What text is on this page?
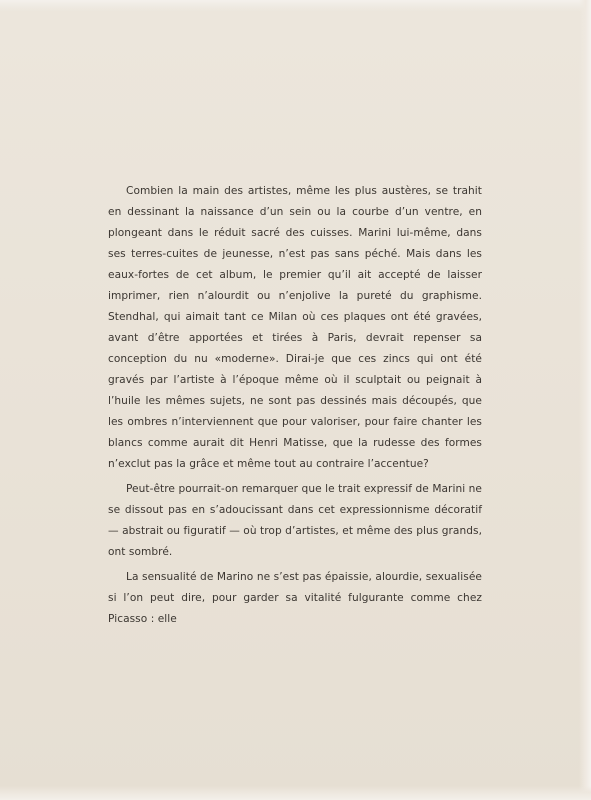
Combien la main des artistes, même les plus austères, se trahit en dessinant la naissance d’un sein ou la courbe d’un ventre, en plongeant dans le réduit sacré des cuisses. Marini lui-même, dans ses terres-cuites de jeunesse, n’est pas sans péché. Mais dans les eaux-fortes de cet album, le premier qu’il ait accepté de laisser imprimer, rien n’alourdit ou n’enjolive la pureté du graphisme. Stendhal, qui aimait tant ce Milan où ces plaques ont été gravées, avant d’être apportées et tirées à Paris, devrait repenser sa conception du nu «moderne». Dirai-je que ces zincs qui ont été gravés par l’artiste à l’époque même où il sculptait ou peignait à l’huile les mêmes sujets, ne sont pas dessinés mais découpés, que les ombres n’interviennent que pour valoriser, pour faire chanter les blancs comme aurait dit Henri Matisse, que la rudesse des formes n’exclut pas la grâce et même tout au contraire l’accentue?

Peut-être pourrait-on remarquer que le trait expressif de Marini ne se dissout pas en s’adoucissant dans cet expressionnisme décoratif — abstrait ou figuratif — où trop d’artistes, et même des plus grands, ont sombré.

La sensualité de Marino ne s’est pas épaissie, alourdie, sexualisée si l’on peut dire, pour garder sa vitalité fulgurante comme chez Picasso : elle
